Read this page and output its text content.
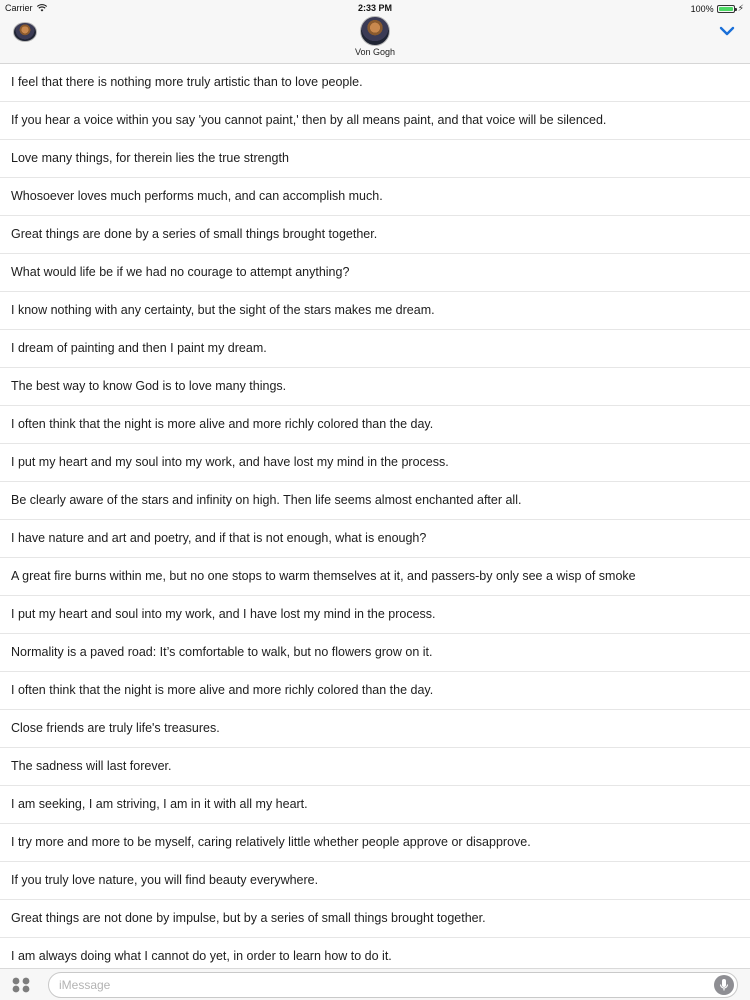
Carrier	2:33 PM	100%	⚡
Von Gogh
I feel that there is nothing more truly artistic than to love people.
If you hear a voice within you say 'you cannot paint,' then by all means paint, and that voice will be silenced.
Love many things, for therein lies the true strength
Whosoever loves much performs much, and can accomplish much.
Great things are done by a series of small things brought together.
What would life be if we had no courage to attempt anything?
I know nothing with any certainty, but the sight of the stars makes me dream.
I dream of painting and then I paint my dream.
The best way to know God is to love many things.
I often think that the night is more alive and more richly colored than the day.
I put my heart and my soul into my work, and have lost my mind in the process.
Be clearly aware of the stars and infinity on high. Then life seems almost enchanted after all.
I have nature and art and poetry, and if that is not enough, what is enough?
A great fire burns within me, but no one stops to warm themselves at it, and passers-by only see a wisp of smoke
I put my heart and soul into my work, and I have lost my mind in the process.
Normality is a paved road: It’s comfortable to walk, but no flowers grow on it.
I often think that the night is more alive and more richly colored than the day.
Close friends are truly life's treasures.
The sadness will last forever.
I am seeking, I am striving, I am in it with all my heart.
I try more and more to be myself, caring relatively little whether people approve or disapprove.
If you truly love nature, you will find beauty everywhere.
Great things are not done by impulse, but by a series of small things brought together.
I am always doing what I cannot do yet, in order to learn how to do it.
iMessage
